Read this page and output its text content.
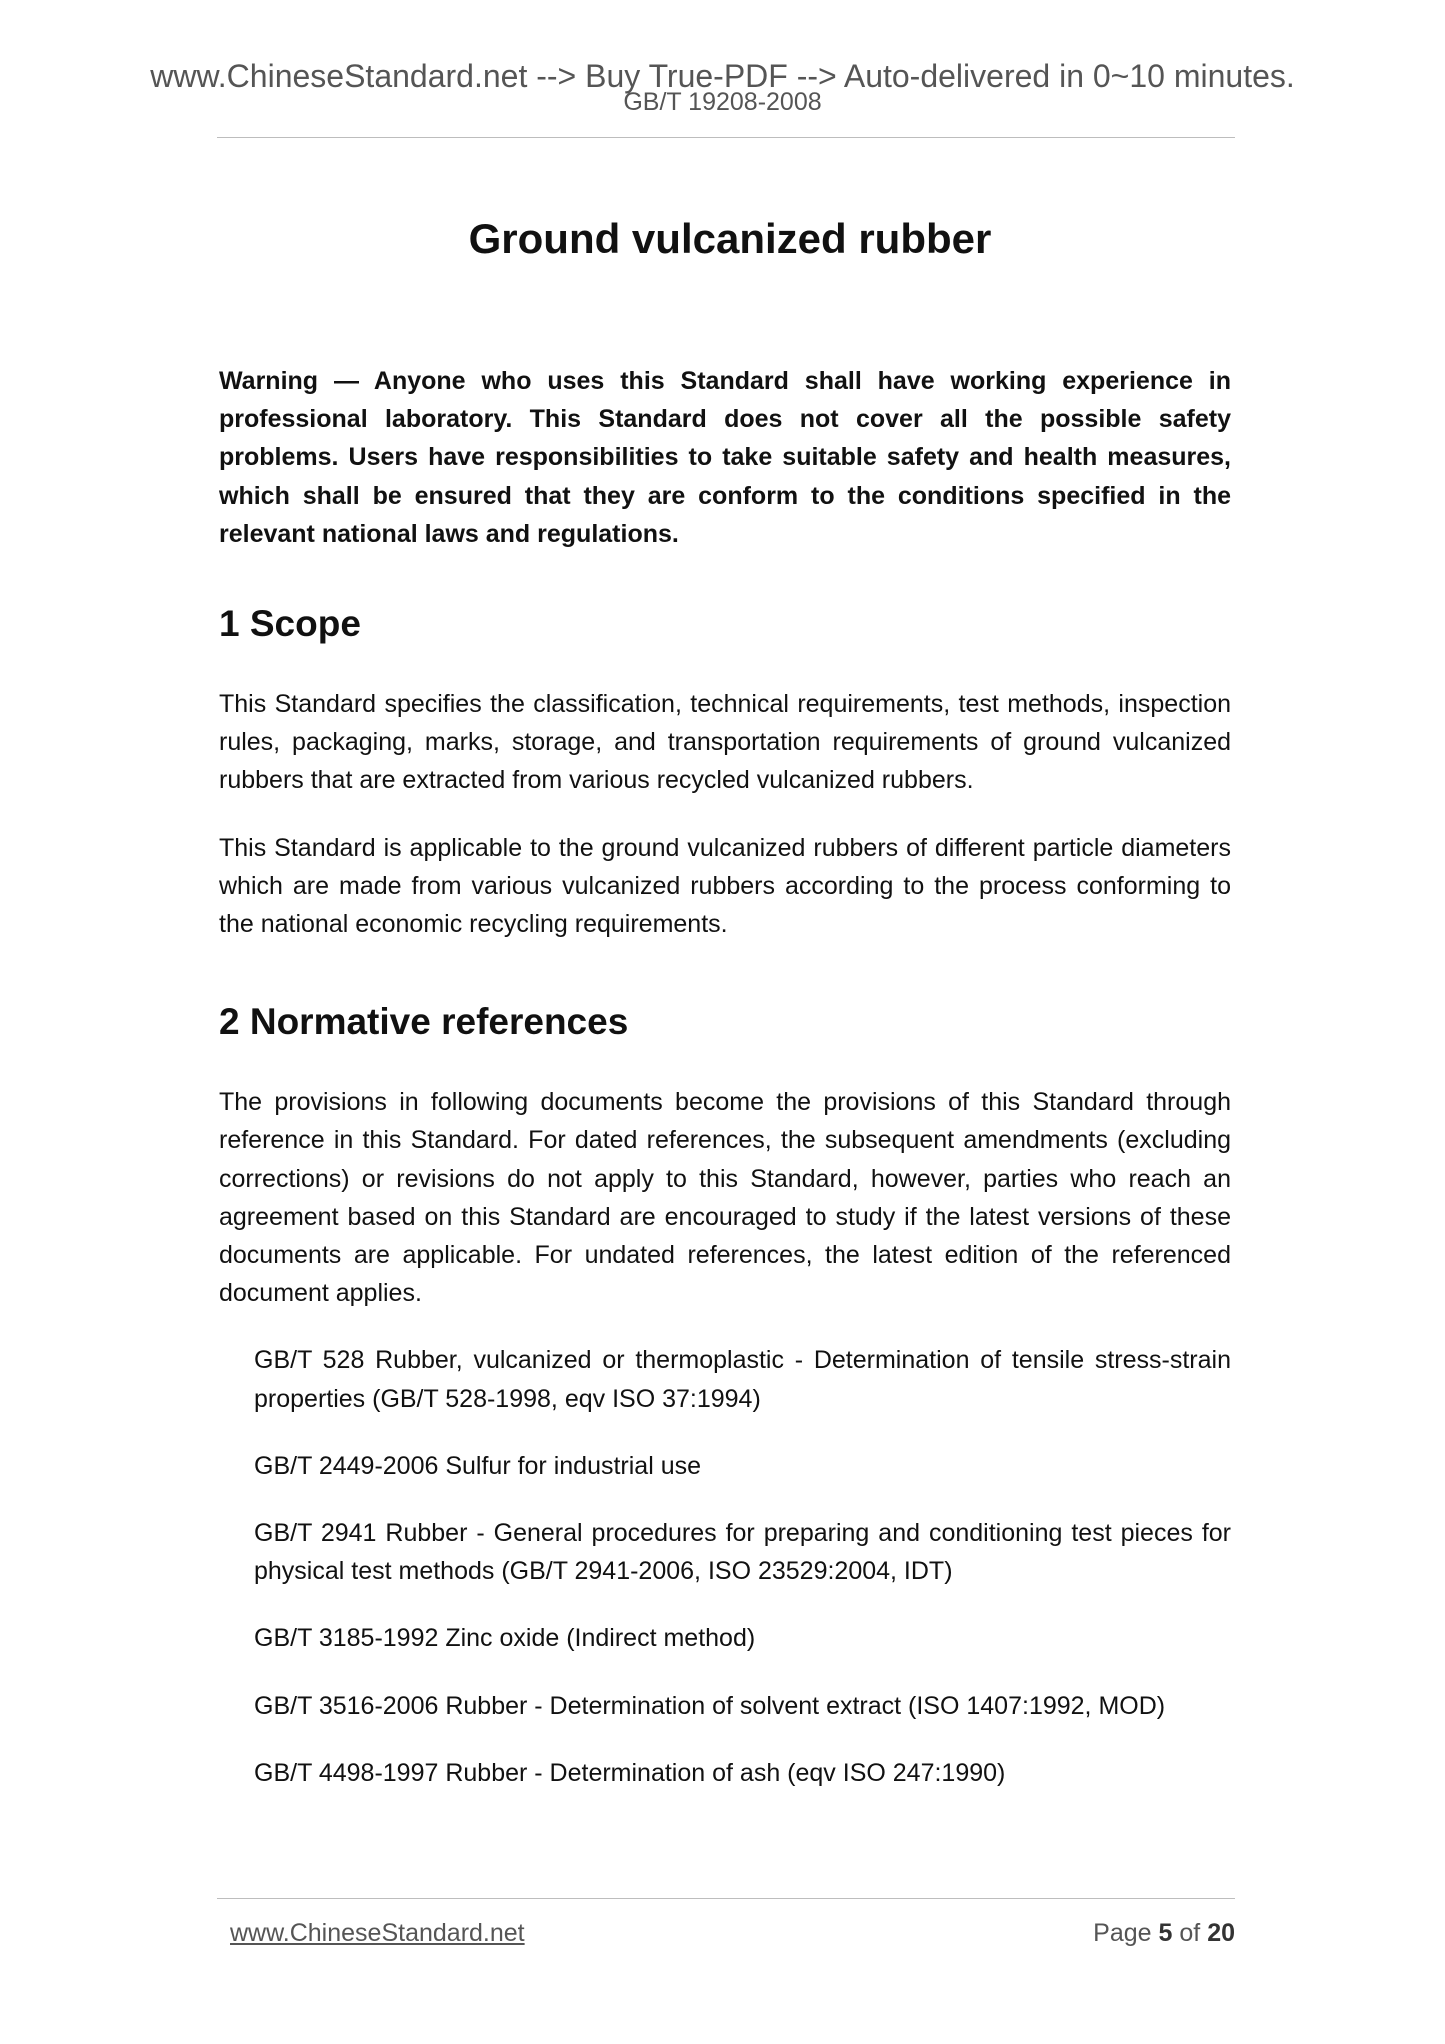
www.ChineseStandard.net --> Buy True-PDF --> Auto-delivered in 0~10 minutes.
GB/T 19208-2008
Ground vulcanized rubber

Warning — Anyone who uses this Standard shall have working experience in professional laboratory. This Standard does not cover all the possible safety problems. Users have responsibilities to take suitable safety and health measures, which shall be ensured that they are conform to the conditions specified in the relevant national laws and regulations.

1 Scope

This Standard specifies the classification, technical requirements, test methods, inspection rules, packaging, marks, storage, and transportation requirements of ground vulcanized rubbers that are extracted from various recycled vulcanized rubbers.

This Standard is applicable to the ground vulcanized rubbers of different particle diameters which are made from various vulcanized rubbers according to the process conforming to the national economic recycling requirements.

2 Normative references

The provisions in following documents become the provisions of this Standard through reference in this Standard. For dated references, the subsequent amendments (excluding corrections) or revisions do not apply to this Standard, however, parties who reach an agreement based on this Standard are encouraged to study if the latest versions of these documents are applicable. For undated references, the latest edition of the referenced document applies.

GB/T 528 Rubber, vulcanized or thermoplastic - Determination of tensile stress-strain properties (GB/T 528-1998, eqv ISO 37:1994)
GB/T 2449-2006 Sulfur for industrial use
GB/T 2941 Rubber - General procedures for preparing and conditioning test pieces for physical test methods (GB/T 2941-2006, ISO 23529:2004, IDT)
GB/T 3185-1992 Zinc oxide (Indirect method)
GB/T 3516-2006 Rubber - Determination of solvent extract (ISO 1407:1992, MOD)
GB/T 4498-1997 Rubber - Determination of ash (eqv ISO 247:1990)
www.ChineseStandard.net	Page 5 of 20
